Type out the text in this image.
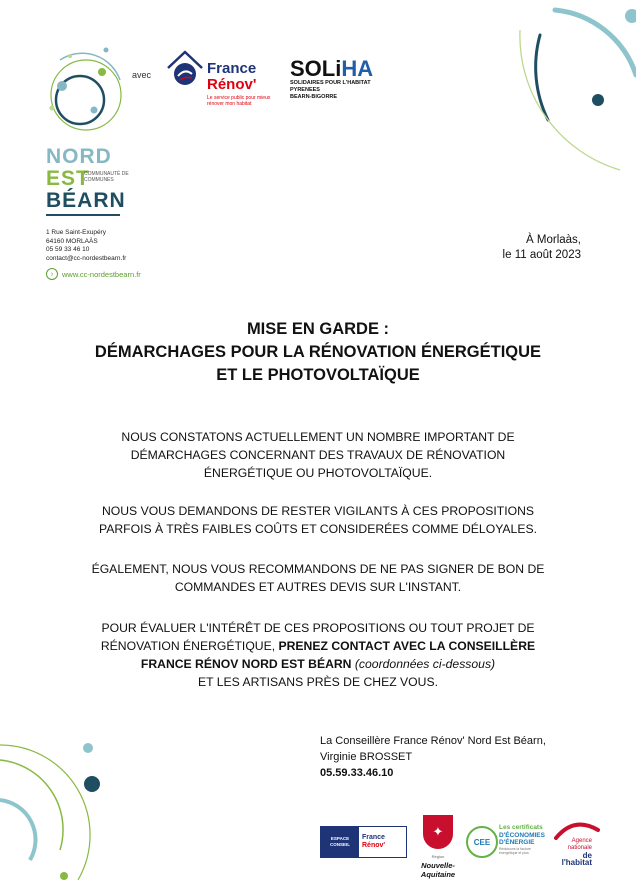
NORD
EST
COMMUNAUTÉ DE COMMUNES
BÉARN
avec	France
Rénov'
Le service public pour mieux rénover mon habitat
SOLiHA
SOLIDAIRES POUR L'HABITAT
PYRENEES
BEARN-BIGORRE
1 Rue Saint-Exupéry
64160 MORLAÀS
05 59 33 46 10
contact@cc-nordestbearn.fr
›	www.cc-nordestbearn.fr
À Morlaàs,
le 11 août 2023
MISE EN GARDE :
DÉMARCHAGES POUR LA RÉNOVATION ÉNERGÉTIQUE
ET LE PHOTOVOLTAÏQUE
NOUS CONSTATONS ACTUELLEMENT UN NOMBRE IMPORTANT DE
DÉMARCHAGES CONCERNANT DES TRAVAUX DE RÉNOVATION
ÉNERGÉTIQUE OU PHOTOVOLTAÏQUE.
NOUS VOUS DEMANDONS DE RESTER VIGILANTS À CES PROPOSITIONS
PARFOIS À TRÈS FAIBLES COÛTS ET CONSIDERÉES COMME DÉLOYALES.
ÉGALEMENT, NOUS VOUS RECOMMANDONS DE NE PAS SIGNER DE BON DE
COMMANDES ET AUTRES DEVIS SUR L'INSTANT.
POUR ÉVALUER L'INTÉRÊT DE CES PROPOSITIONS OU TOUT PROJET DE
RÉNOVATION ÉNERGÉTIQUE, PRENEZ CONTACT AVEC LA CONSEILLÈRE
FRANCE RÉNOV NORD EST BÉARN (coordonnées ci-dessous)
ET LES ARTISANS PRÈS DE CHEZ VOUS.
La Conseillère France Rénov' Nord Est Béarn,
Virginie BROSSET
05.59.33.46.10
ESPACE CONSEIL
France
Rénov'
✦
Région
Nouvelle-
Aquitaine
CEE
Les certificats
D'ÉCONOMIES
D'ÉNERGIE
Réduisons la facture énergétique et plus
Agence
nationale
de l'habitat
